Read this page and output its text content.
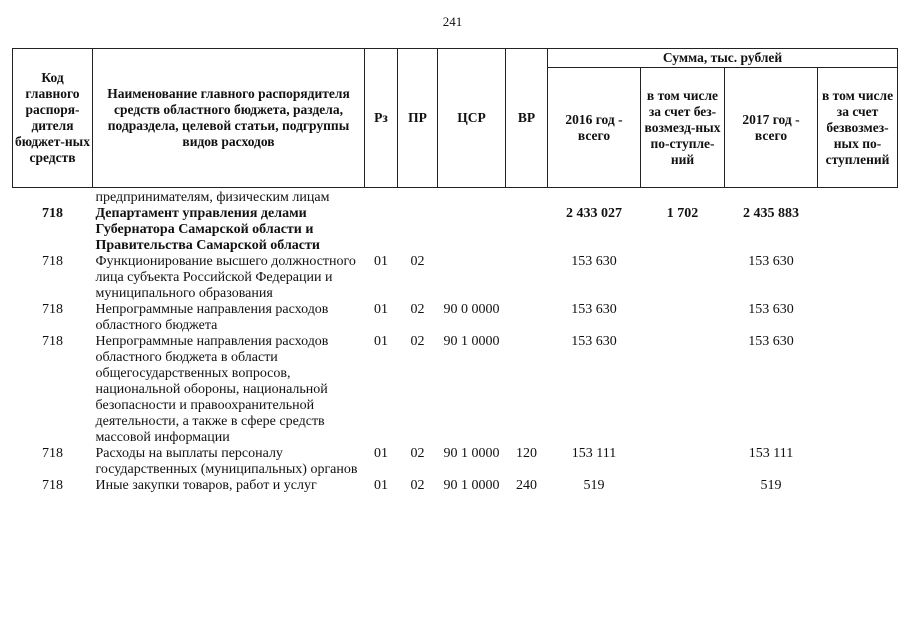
241
Код главного распоря-дителя бюджет-ных средств	Наименование главного распорядителя средств областного бюджета, раздела, подраздела, целевой статьи, подгруппы видов расходов	Рз	ПР	ЦСР	ВР	Сумма, тыс. рублей			
						2016 год - всего	в том числе за счет без-возмезд-ных по-ступле-ний	2017 год - всего	в том числе за счет безвозмез-ных по-ступлений
	предпринимателям, физическим лицам								
718	Департамент управления делами Губернатора Самарской области и Правительства Самарской области					2 433 027	1 702	2 435 883	
718	Функционирование высшего должностного лица субъекта Российской Федерации и муниципального образования	01	02			153 630		153 630	
718	Непрограммные направления расходов областного бюджета	01	02	90 0 0000		153 630		153 630	
718	Непрограммные направления расходов областного бюджета в области общегосударственных вопросов, национальной обороны, национальной безопасности и правоохранительной деятельности, а также в сфере средств массовой информации	01	02	90 1 0000		153 630		153 630	
718	Расходы на выплаты персоналу государственных (муниципальных) органов	01	02	90 1 0000	120	153 111		153 111	
718	Иные закупки товаров, работ и услуг	01	02	90 1 0000	240	519		519	
